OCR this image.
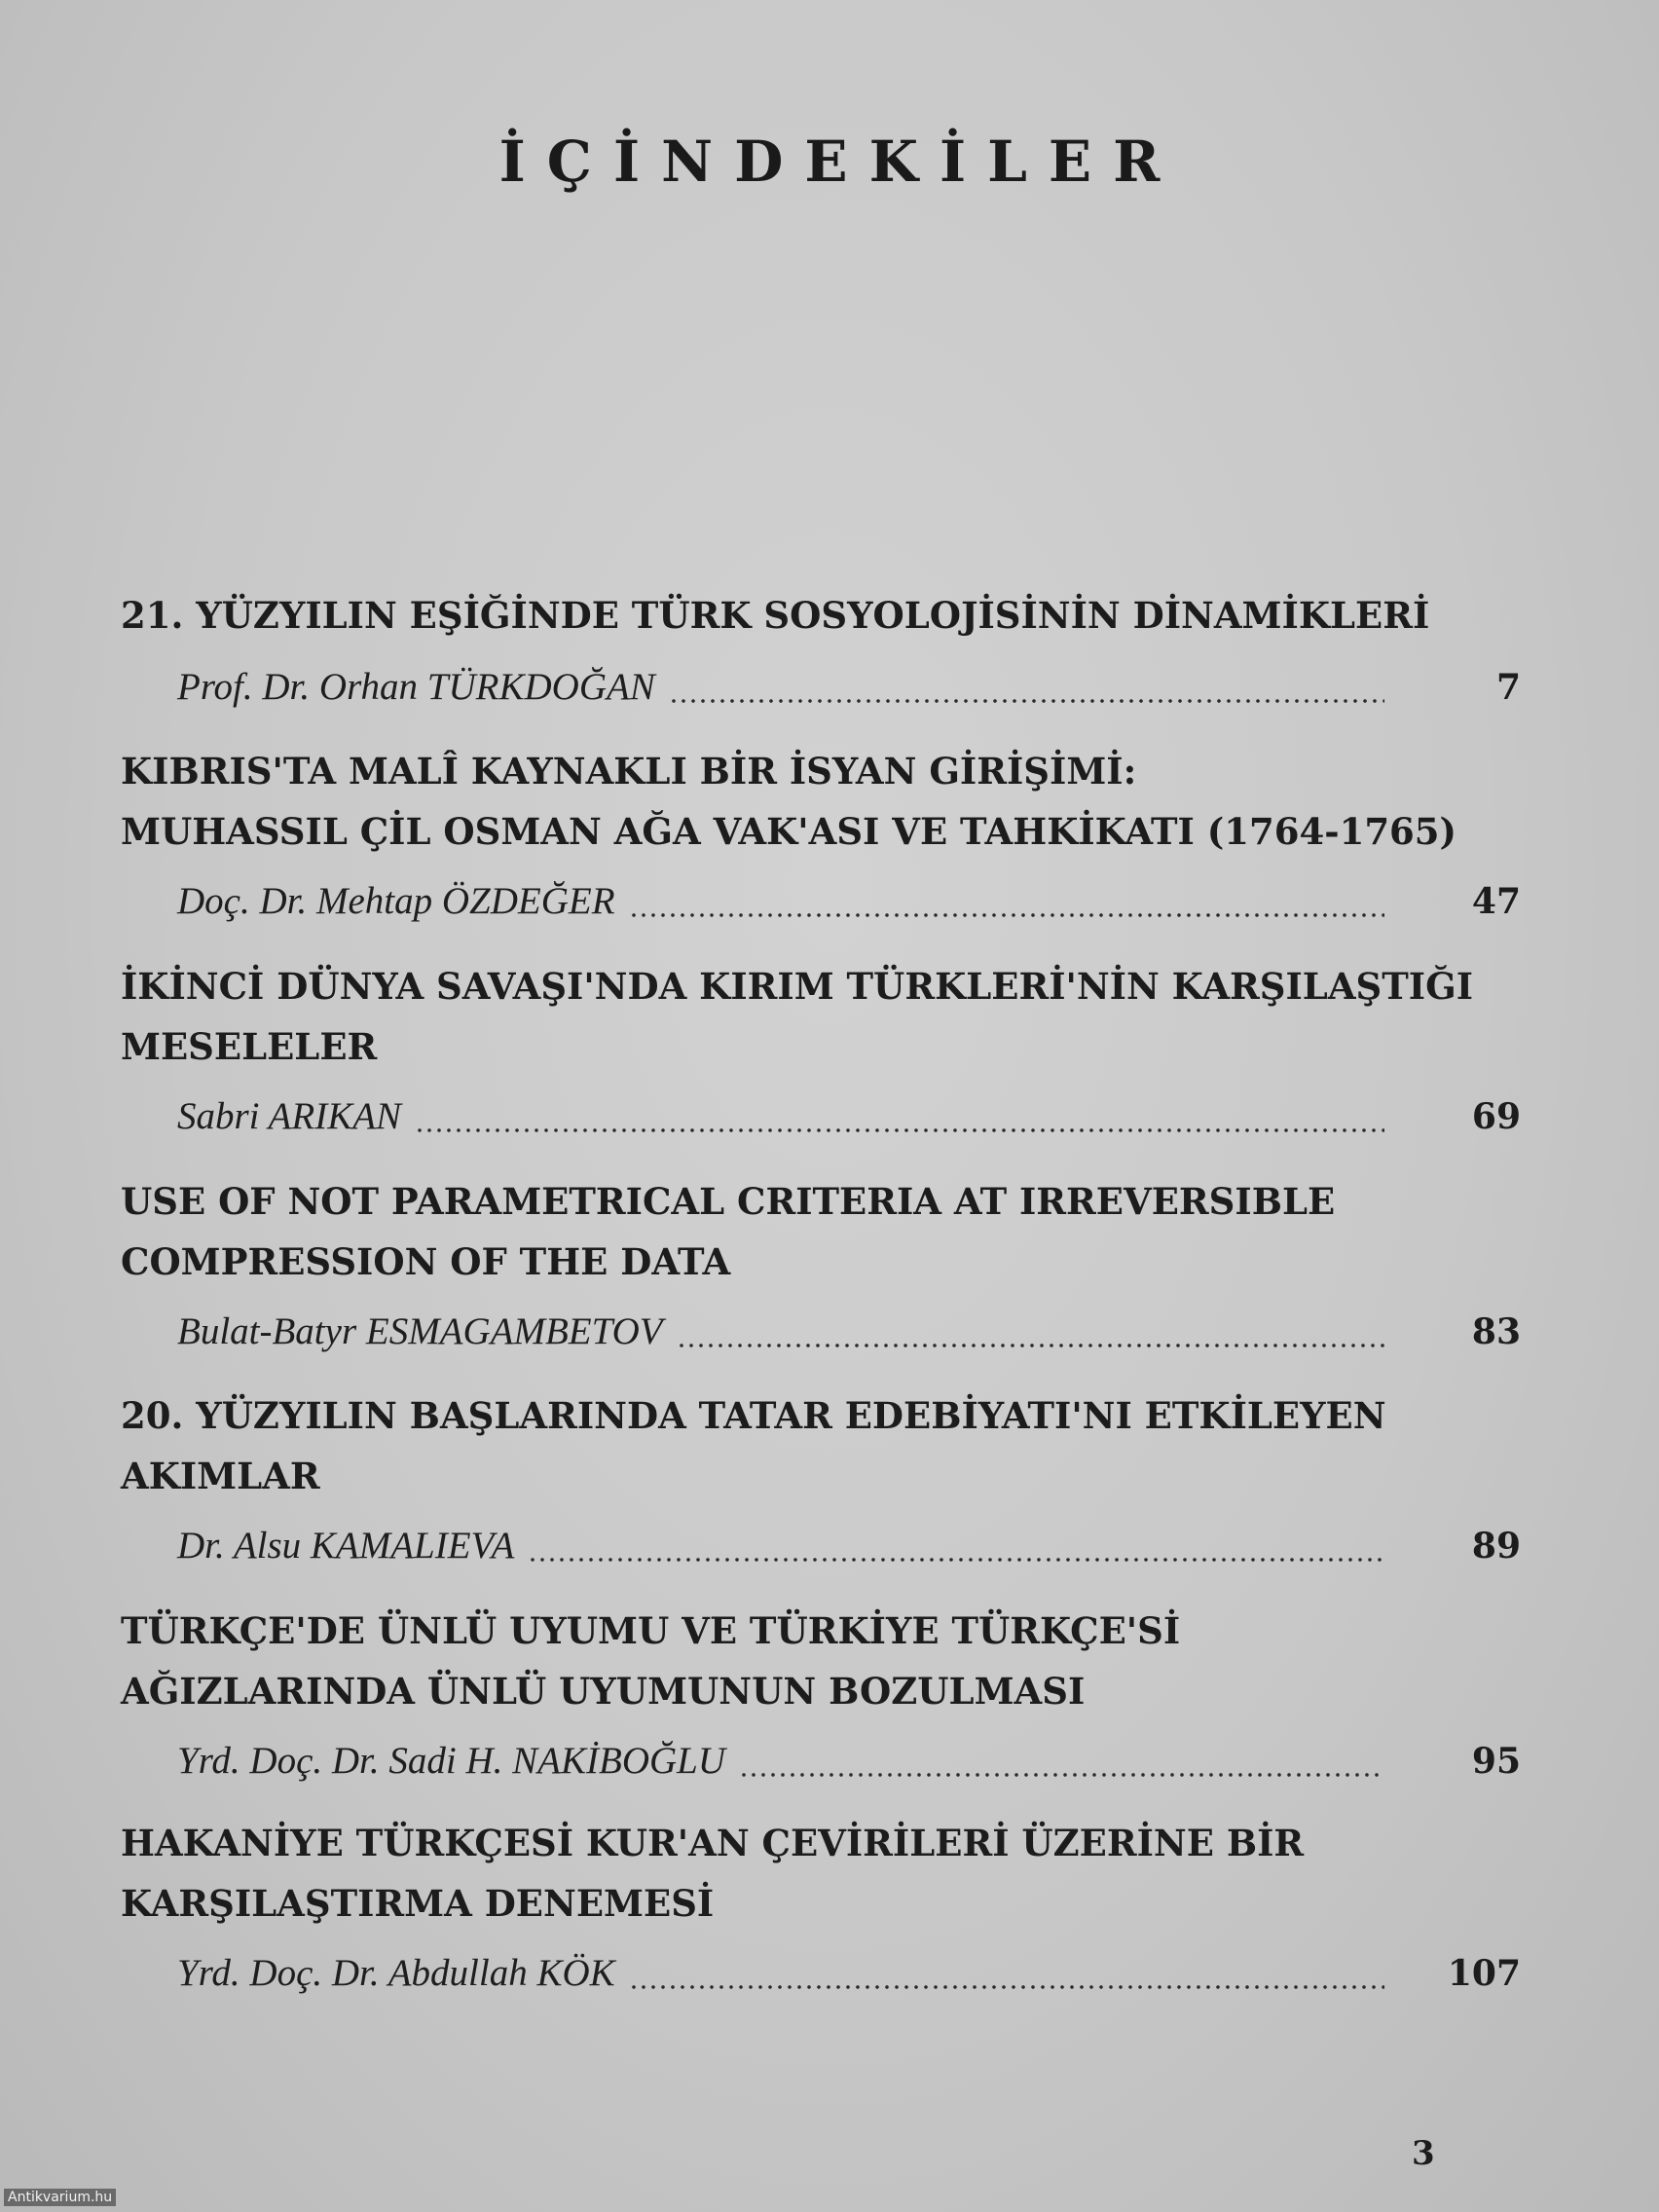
İÇİNDEKİLER
21. YÜZYILIN EŞİĞİNDE TÜRK SOSYOLOJİSİNİN DİNAMİKLERİ
Prof. Dr. Orhan TÜRKDOĞAN	7
KIBRIS'TA MALÎ KAYNAKLI BİR İSYAN GİRİŞİMİ:
MUHASSIL ÇİL OSMAN AĞA VAK'ASI VE TAHKİKATI (1764-1765)
Doç. Dr. Mehtap ÖZDEĞER	47
İKİNCİ DÜNYA SAVAŞI'NDA KIRIM TÜRKLERİ'NİN KARŞILAŞTIĞI
MESELELER
Sabri ARIKAN	69
USE OF NOT PARAMETRICAL CRITERIA AT IRREVERSIBLE
COMPRESSION OF THE DATA
Bulat-Batyr ESMAGAMBETOV	83
20. YÜZYILIN BAŞLARINDA TATAR EDEBİYATI'NI ETKİLEYEN
AKIMLAR
Dr. Alsu KAMALIEVA	89
TÜRKÇE'DE ÜNLÜ UYUMU VE TÜRKİYE TÜRKÇE'Sİ
AĞIZLARINDA ÜNLÜ UYUMUNUN BOZULMASI
Yrd. Doç. Dr. Sadi H. NAKİBOĞLU	95
HAKANİYE TÜRKÇESİ KUR'AN ÇEVİRİLERİ ÜZERİNE BİR
KARŞILAŞTIRMA DENEMESİ
Yrd. Doç. Dr. Abdullah KÖK	107
3
Antikvarium.hu
